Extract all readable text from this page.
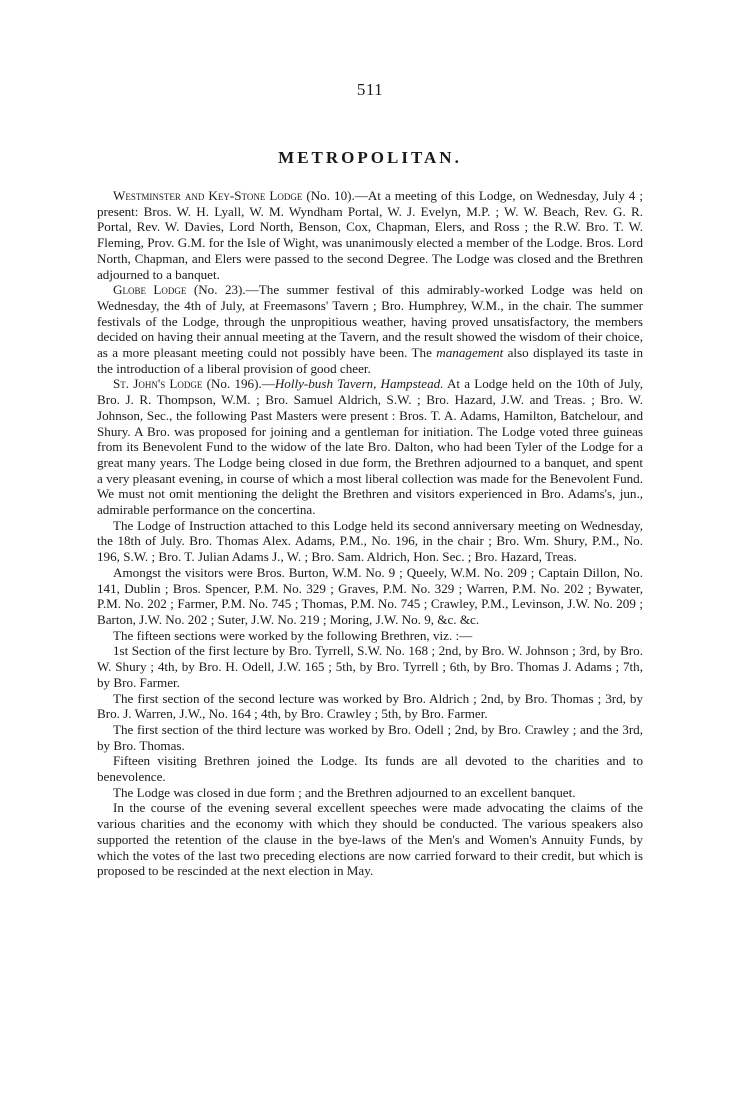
511
METROPOLITAN.

Westminster and Key-Stone Lodge (No. 10).—At a meeting of this Lodge, on Wednesday, July 4 ; present: Bros. W. H. Lyall, W. M. Wyndham Portal, W. J. Evelyn, M.P. ; W. W. Beach, Rev. G. R. Portal, Rev. W. Davies, Lord North, Benson, Cox, Chapman, Elers, and Ross ; the R.W. Bro. T. W. Fleming, Prov. G.M. for the Isle of Wight, was unanimously elected a member of the Lodge. Bros. Lord North, Chapman, and Elers were passed to the second Degree. The Lodge was closed and the Brethren adjourned to a banquet.

Globe Lodge (No. 23).—The summer festival of this admirably-worked Lodge was held on Wednesday, the 4th of July, at Freemasons' Tavern ; Bro. Humphrey, W.M., in the chair. The summer festivals of the Lodge, through the unpropitious weather, having proved unsatisfactory, the members decided on having their annual meeting at the Tavern, and the result showed the wisdom of their choice, as a more pleasant meeting could not possibly have been. The management also displayed its taste in the introduction of a liberal provision of good cheer.

St. John's Lodge (No. 196).—Holly-bush Tavern, Hampstead. At a Lodge held on the 10th of July, Bro. J. R. Thompson, W.M. ; Bro. Samuel Aldrich, S.W. ; Bro. Hazard, J.W. and Treas. ; Bro. W. Johnson, Sec., the following Past Masters were present : Bros. T. A. Adams, Hamilton, Batchelour, and Shury. A Bro. was proposed for joining and a gentleman for initiation. The Lodge voted three guineas from its Benevolent Fund to the widow of the late Bro. Dalton, who had been Tyler of the Lodge for a great many years. The Lodge being closed in due form, the Brethren adjourned to a banquet, and spent a very pleasant evening, in course of which a most liberal collection was made for the Benevolent Fund. We must not omit mentioning the delight the Brethren and visitors experienced in Bro. Adams's, jun., admirable performance on the concertina.

The Lodge of Instruction attached to this Lodge held its second anniversary meeting on Wednesday, the 18th of July. Bro. Thomas Alex. Adams, P.M., No. 196, in the chair ; Bro. Wm. Shury, P.M., No. 196, S.W. ; Bro. T. Julian Adams J., W. ; Bro. Sam. Aldrich, Hon. Sec. ; Bro. Hazard, Treas.

Amongst the visitors were Bros. Burton, W.M. No. 9 ; Queely, W.M. No. 209 ; Captain Dillon, No. 141, Dublin ; Bros. Spencer, P.M. No. 329 ; Graves, P.M. No. 329 ; Warren, P.M. No. 202 ; Bywater, P.M. No. 202 ; Farmer, P.M. No. 745 ; Thomas, P.M. No. 745 ; Crawley, P.M., Levinson, J.W. No. 209 ; Barton, J.W. No. 202 ; Suter, J.W. No. 219 ; Moring, J.W. No. 9, &c. &c.

The fifteen sections were worked by the following Brethren, viz. :—

1st Section of the first lecture by Bro. Tyrrell, S.W. No. 168 ; 2nd, by Bro. W. Johnson ; 3rd, by Bro. W. Shury ; 4th, by Bro. H. Odell, J.W. 165 ; 5th, by Bro. Tyrrell ; 6th, by Bro. Thomas J. Adams ; 7th, by Bro. Farmer.

The first section of the second lecture was worked by Bro. Aldrich ; 2nd, by Bro. Thomas ; 3rd, by Bro. J. Warren, J.W., No. 164 ; 4th, by Bro. Crawley ; 5th, by Bro. Farmer.

The first section of the third lecture was worked by Bro. Odell ; 2nd, by Bro. Crawley ; and the 3rd, by Bro. Thomas.

Fifteen visiting Brethren joined the Lodge. Its funds are all devoted to the charities and to benevolence.

The Lodge was closed in due form ; and the Brethren adjourned to an excellent banquet.

In the course of the evening several excellent speeches were made advocating the claims of the various charities and the economy with which they should be conducted. The various speakers also supported the retention of the clause in the bye-laws of the Men's and Women's Annuity Funds, by which the votes of the last two preceding elections are now carried forward to their credit, but which is proposed to be rescinded at the next election in May.
